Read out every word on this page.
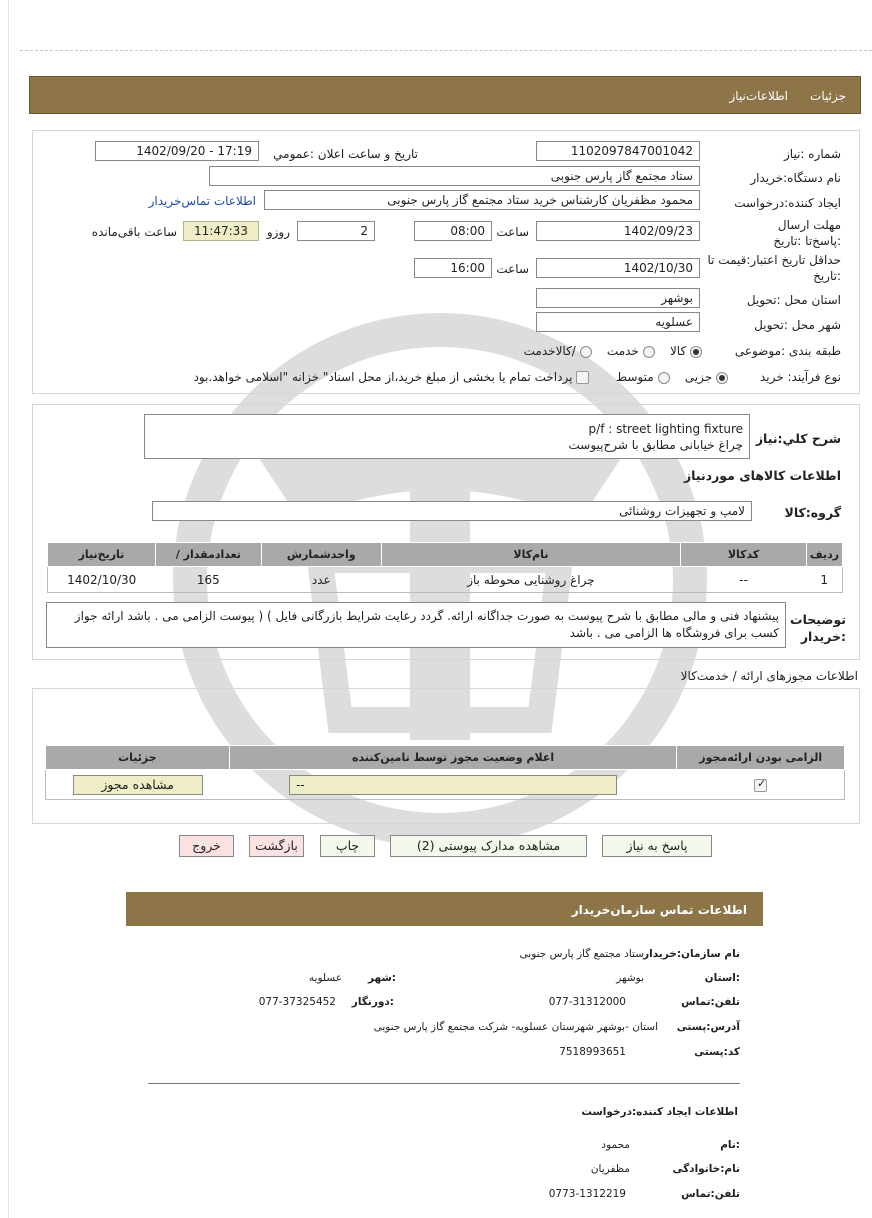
جزئیات
اطلاعات‌نیاز
شماره :نیاز
1102097847001042
تاریخ و ساعت اعلان :عمومي
1402/09/20 - 17:19
نام دستگاه:خریدار
ستاد مجتمع گاز پارس جنوبی
ایجاد کننده:درخواست
محمود مظفریان کارشناس خرید ستاد مجتمع گاز پارس جنوبی
اطلاعات تماس‌خریدار
مهلت ارسال :پاسخ‌تا :تاریخ
1402/09/23
ساعت
08:00
2
روزو
11:47:33
ساعت باقی‌مانده
حداقل تاریخ اعتبار:قیمت تا :تاریخ
1402/10/30
ساعت
16:00
استان محل :تحویل
بوشهر
شهر محل :تحویل
عسلویه
طبقه بندی :موضوعی
کالا     خدمت     /کالاخدمت
نوع فرآیند: خرید
جزیی     متوسط        پرداخت تمام یا بخشی از مبلغ خرید،از محل اسناد" خزانه "اسلامی خواهد.بود
شرح کلي:نیاز
p/f : street lighting fixture
چراغ خیابانی مطابق با شرح‌پیوست
اطلاعات کالاهای موردنیاز
گروه:کالا
لامپ و تجهیزات روشنائی
تاریخ‌نیاز	/ تعدادمقدار	واحدشمارش	نام‌کالا	کدکالا	ردیف
1402/10/30	165	عدد	چراغ روشنایی محوطه باز	--	1
توضیحات :خریدار
پیشنهاد فنی و مالی مطابق با شرح پیوست به صورت جداگانه ارائه. گردد رعایت شرایط بازرگانی فایل ) ( پیوست الزامی می . باشد ارائه جواز کسب برای فروشگاه ها الزامی می . باشد
اطلاعات مجوزهای ارائه / خدمت‌کالا
جزئیات	اعلام وضعیت مجوز توسط تامین‌کننده	الزامی بودن ارائه‌مجوز

مشاهده مجوز	--	✓
پاسخ به نیاز
مشاهده مدارک پیوستی (2)
چاپ
بازگشت
خروج
اطلاعات تماس سازمان‌خریدار
نام سازمان:خریدار
ستاد مجتمع گاز پارس جنوبی
:استان
بوشهر
:شهر
عسلویه
تلفن:تماس
077-31312000
:دورنگار
077-37325452
آدرس:پستی
استان -بوشهر شهرستان عسلویه- شرکت مجتمع گاز پارس جنوبی
کد:پستی
7518993651
اطلاعات ایجاد کننده:درخواست
:نام
محمود
نام:خانوادگی
مظفریان
تلفن:تماس
0773-1312219
